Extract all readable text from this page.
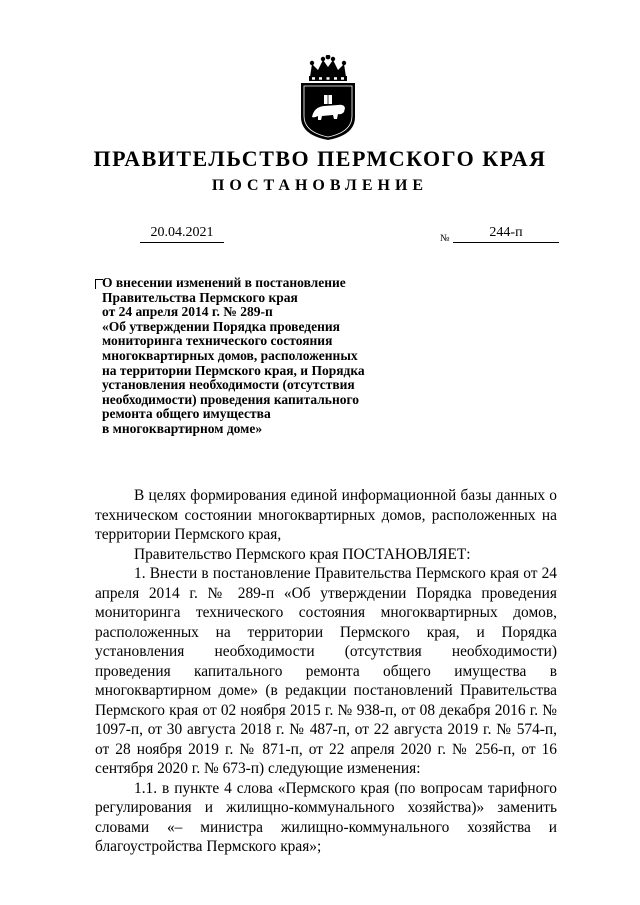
ПРАВИТЕЛЬСТВО ПЕРМСКОГО КРАЯ
ПОСТАНОВЛЕНИЕ
20.04.2021	№	244-п
О внесении изменений в постановление
Правительства Пермского края
от 24 апреля 2014 г. № 289-п
«Об утверждении Порядка проведения
мониторинга технического состояния
многоквартирных домов, расположенных
на территории Пермского края, и Порядка
установления необходимости (отсутствия
необходимости) проведения капитального
ремонта общего имущества
в многоквартирном доме»

В целях формирования единой информационной базы данных о техническом состоянии многоквартирных домов, расположенных на территории Пермского края,

Правительство Пермского края ПОСТАНОВЛЯЕТ:

1. Внести в постановление Правительства Пермского края от 24 апреля 2014 г. № 289-п «Об утверждении Порядка проведения мониторинга технического состояния многоквартирных домов, расположенных на территории Пермского края, и Порядка установления необходимости (отсутствия необходимости) проведения капитального ремонта общего имущества в многоквартирном доме» (в редакции постановлений Правительства Пермского края от 02 ноября 2015 г. № 938-п, от 08 декабря 2016 г. № 1097-п, от 30 августа 2018 г. № 487-п, от 22 августа 2019 г. № 574-п, от 28 ноября 2019 г. № 871-п, от 22 апреля 2020 г. № 256-п, от 16 сентября 2020 г. № 673-п) следующие изменения:

1.1. в пункте 4 слова «Пермского края (по вопросам тарифного регулирования и жилищно-коммунального хозяйства)» заменить словами «– министра жилищно-коммунального хозяйства и благоустройства Пермского края»;
